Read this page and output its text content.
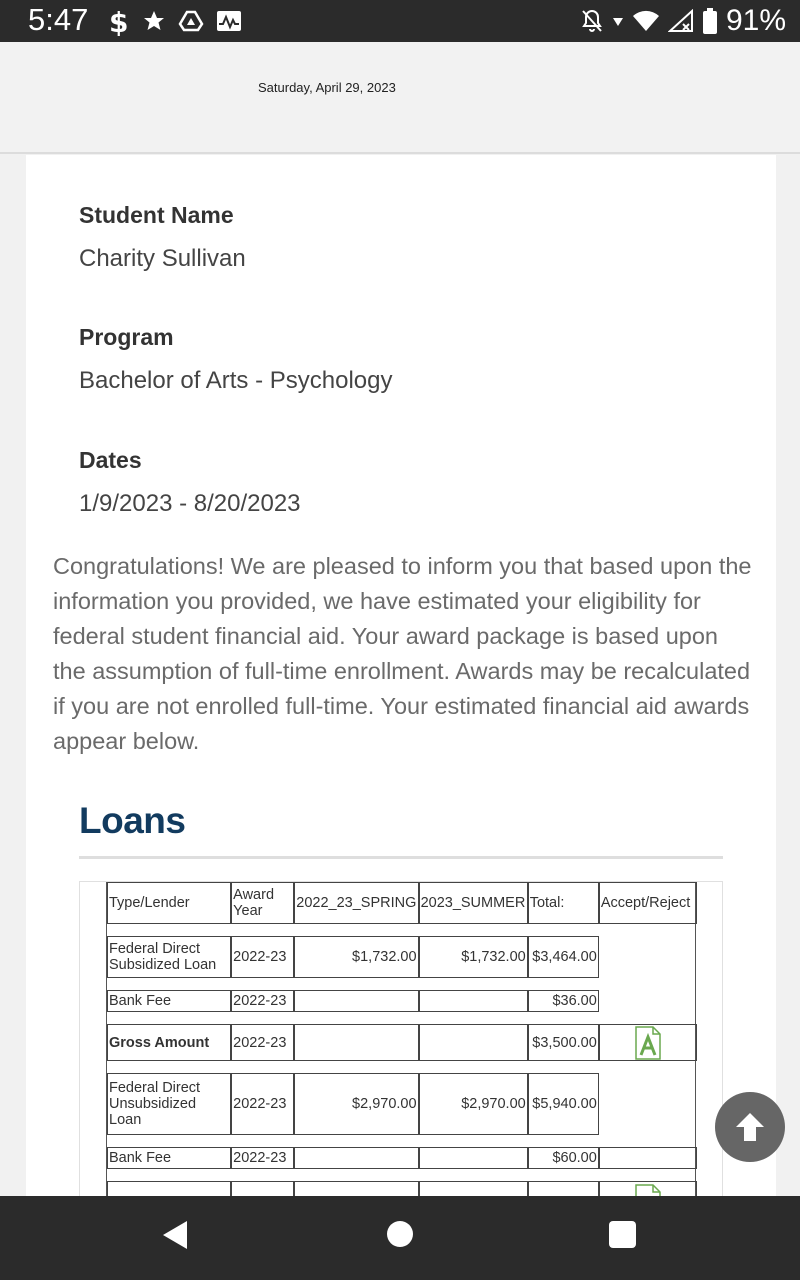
5:47 $	91%
Saturday, April 29, 2023
Student Name
Charity Sullivan
Program
Bachelor of Arts - Psychology
Dates
1/9/2023 - 8/20/2023
Congratulations! We are pleased to inform you that based upon the information you provided, we have estimated your eligibility for federal student financial aid. Your award package is based upon the assumption of full-time enrollment. Awards may be recalculated if you are not enrolled full-time. Your estimated financial aid awards appear below.
Loans
Type/Lender	Award Year	2022_23_SPRING	2023_SUMMER	Total:	Accept/Reject

Federal Direct Subsidized Loan	2022-23	$1,732.00	$1,732.00	$3,464.00	

Bank Fee	2022-23			$36.00	

Gross Amount	2022-23			$3,500.00	

Federal Direct Unsubsidized Loan	2022-23	$2,970.00	$2,970.00	$5,940.00	

Bank Fee	2022-23			$60.00	
